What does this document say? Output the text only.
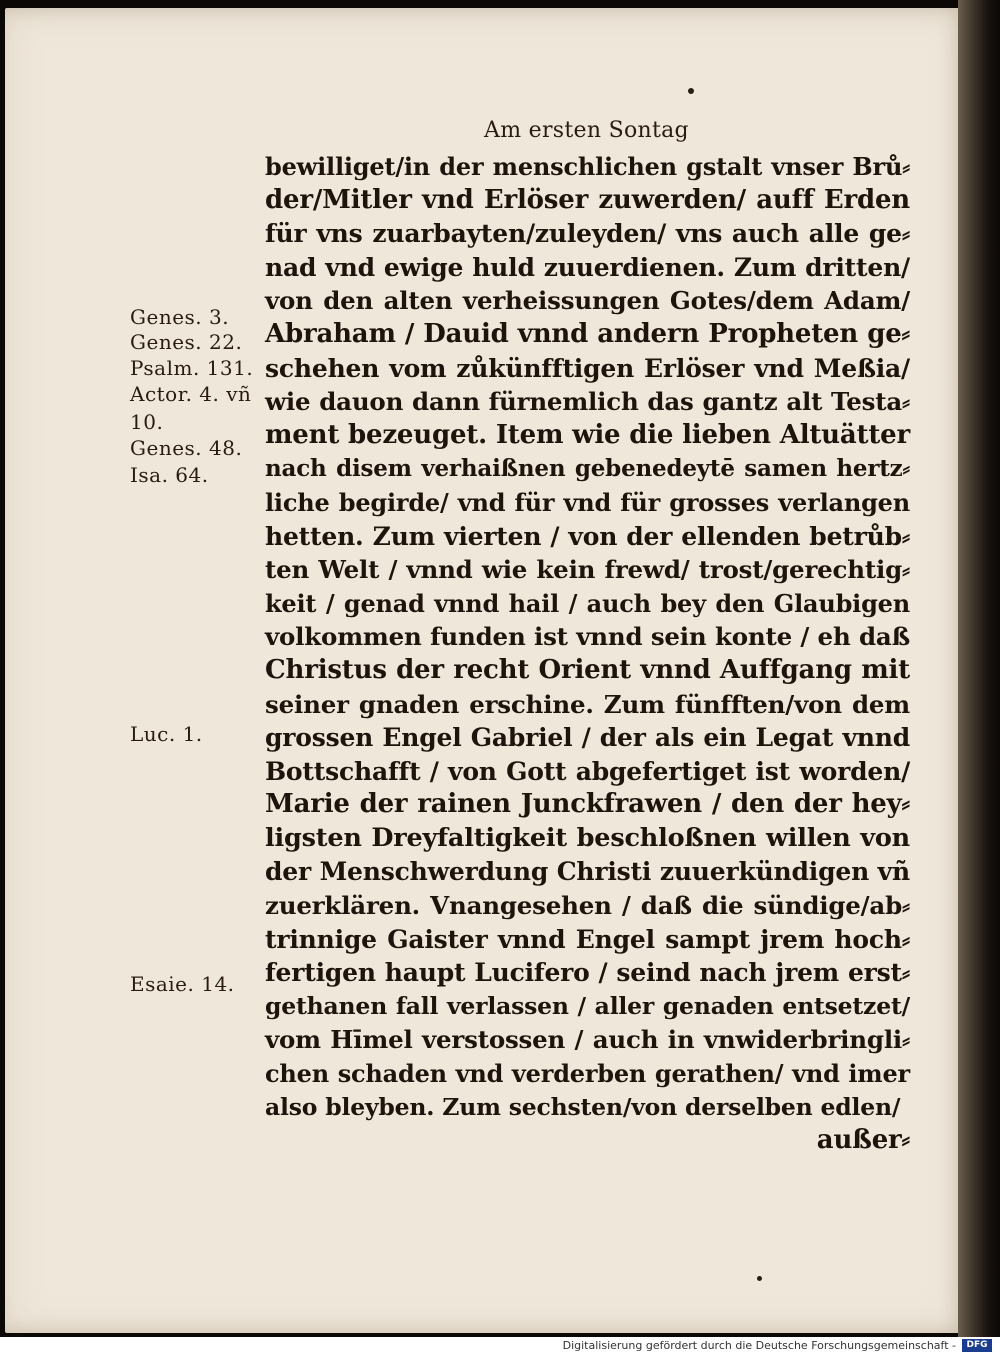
Am ersten Sontag
Genes. 3.
Genes. 22.
Psalm. 131.
Actor. 4. vñ
10.
Genes. 48.
Isa. 64.
Luc. 1.
Esaie. 14.
bewilliget/in der menschlichen gstalt vnser Brů⸗
der/Mitler vnd Erlöser zuwerden/ auff Erden
für vns zuarbayten/zuleyden/ vns auch alle ge⸗
nad vnd ewige huld zuuerdienen. Zum dritten/
von den alten verheissungen Gotes/dem Adam/
Abraham / Dauid vnnd andern Propheten ge⸗
schehen vom zůkünfftigen Erlöser vnd Meßia/
wie dauon dann fürnemlich das gantz alt Testa⸗
ment bezeuget. Item wie die lieben Altuätter
nach disem verhaißnen gebenedeytē samen hertz⸗
liche begirde/ vnd für vnd für grosses verlangen
hetten. Zum vierten / von der ellenden betrůb⸗
ten Welt / vnnd wie kein frewd/ trost/gerechtig⸗
keit / genad vnnd hail / auch bey den Glaubigen
volkommen funden ist vnnd sein konte / eh daß
Christus der recht Orient vnnd Auffgang mit
seiner gnaden erschine. Zum fünfften/von dem
grossen Engel Gabriel / der als ein Legat vnnd
Bottschafft / von Gott abgefertiget ist worden/
Marie der rainen Junckfrawen / den der hey⸗
ligsten Dreyfaltigkeit beschloßnen willen von
der Menschwerdung Christi zuuerkündigen vñ
zuerklären. Vnangesehen / daß die sündige/ab⸗
trinnige Gaister vnnd Engel sampt jrem hoch⸗
fertigen haupt Lucifero / seind nach jrem erst⸗
gethanen fall verlassen / aller genaden entsetzet/
vom Hīmel verstossen / auch in vnwiderbringli⸗
chen schaden vnd verderben gerathen/ vnd imer
also bleyben. Zum sechsten/von derselben edlen/
außer⸗
Digitalisierung gefördert durch die Deutsche Forschungsgemeinschaft -	DFG
